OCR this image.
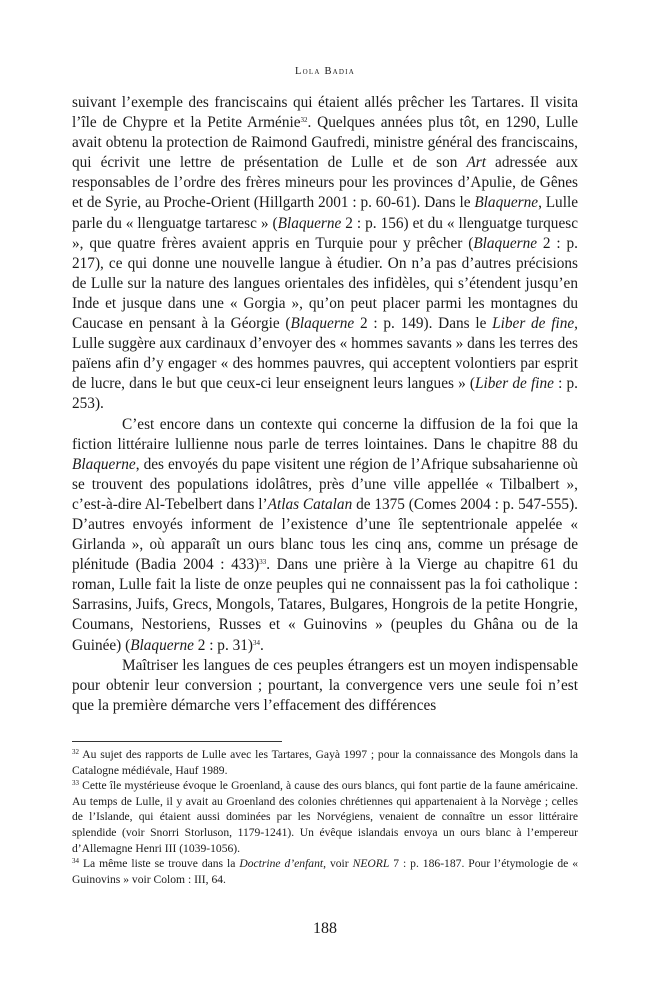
Lola Badia

suivant l’exemple des franciscains qui étaient allés prêcher les Tartares. Il visita l’île de Chypre et la Petite Arménie$^{32}$. Quelques années plus tôt, en 1290, Lulle avait obtenu la protection de Raimond Gaufredi, ministre général des franciscains, qui écrivit une lettre de présentation de Lulle et de son Art adressée aux responsables de l’ordre des frères mineurs pour les provinces d’Apulie, de Gênes et de Syrie, au Proche-Orient (Hillgarth 2001 : p. 60-61). Dans le Blaquerne, Lulle parle du « llenguatge tartaresc » (Blaquerne 2 : p. 156) et du « llenguatge turquesc », que quatre frères avaient appris en Turquie pour y prêcher (Blaquerne 2 : p. 217), ce qui donne une nouvelle langue à étudier. On n’a pas d’autres précisions de Lulle sur la nature des langues orientales des infidèles, qui s’étendent jusqu’en Inde et jusque dans une « Gorgia », qu’on peut placer parmi les montagnes du Caucase en pensant à la Géorgie (Blaquerne 2 : p. 149). Dans le Liber de fine, Lulle suggère aux cardinaux d’envoyer des « hommes savants » dans les terres des païens afin d’y engager « des hommes pauvres, qui acceptent volontiers par esprit de lucre, dans le but que ceux-ci leur enseignent leurs langues » (Liber de fine : p. 253).

C’est encore dans un contexte qui concerne la diffusion de la foi que la fiction littéraire lullienne nous parle de terres lointaines. Dans le chapitre 88 du Blaquerne, des envoyés du pape visitent une région de l’Afrique subsaharienne où se trouvent des populations idolâtres, près d’une ville appellée « Tilbalbert », c’est-à-dire Al-Tebelbert dans l’Atlas Catalan de 1375 (Comes 2004 : p. 547-555). D’autres envoyés informent de l’existence d’une île septentrionale appelée « Girlanda », où apparaît un ours blanc tous les cinq ans, comme un présage de plénitude (Badia 2004 : 433)$^{33}$. Dans une prière à la Vierge au chapitre 61 du roman, Lulle fait la liste de onze peuples qui ne connaissent pas la foi catholique : Sarrasins, Juifs, Grecs, Mongols, Tatares, Bulgares, Hongrois de la petite Hongrie, Coumans, Nestoriens, Russes et « Guinovins » (peuples du Ghâna ou de la Guinée) (Blaquerne 2 : p. 31)$^{34}$.

Maîtriser les langues de ces peuples étrangers est un moyen indispensable pour obtenir leur conversion ; pourtant, la convergence vers une seule foi n’est que la première démarche vers l’effacement des différences

$^{32}$ Au sujet des rapports de Lulle avec les Tartares, Gayà 1997 ; pour la connaissance des Mongols dans la Catalogne médiévale, Hauf 1989.

$^{33}$ Cette île mystérieuse évoque le Groenland, à cause des ours blancs, qui font partie de la faune américaine. Au temps de Lulle, il y avait au Groenland des colonies chrétiennes qui appartenaient à la Norvège ; celles de l’Islande, qui étaient aussi dominées par les Norvégiens, venaient de connaître un essor littéraire splendide (voir Snorri Storluson, 1179-1241). Un évêque islandais envoya un ours blanc à l’empereur d’Allemagne Henri III (1039-1056).

$^{34}$ La même liste se trouve dans la Doctrine d’enfant, voir NEORL 7 : p. 186-187. Pour l’étymologie de « Guinovins » voir Colom : III, 64.

188
